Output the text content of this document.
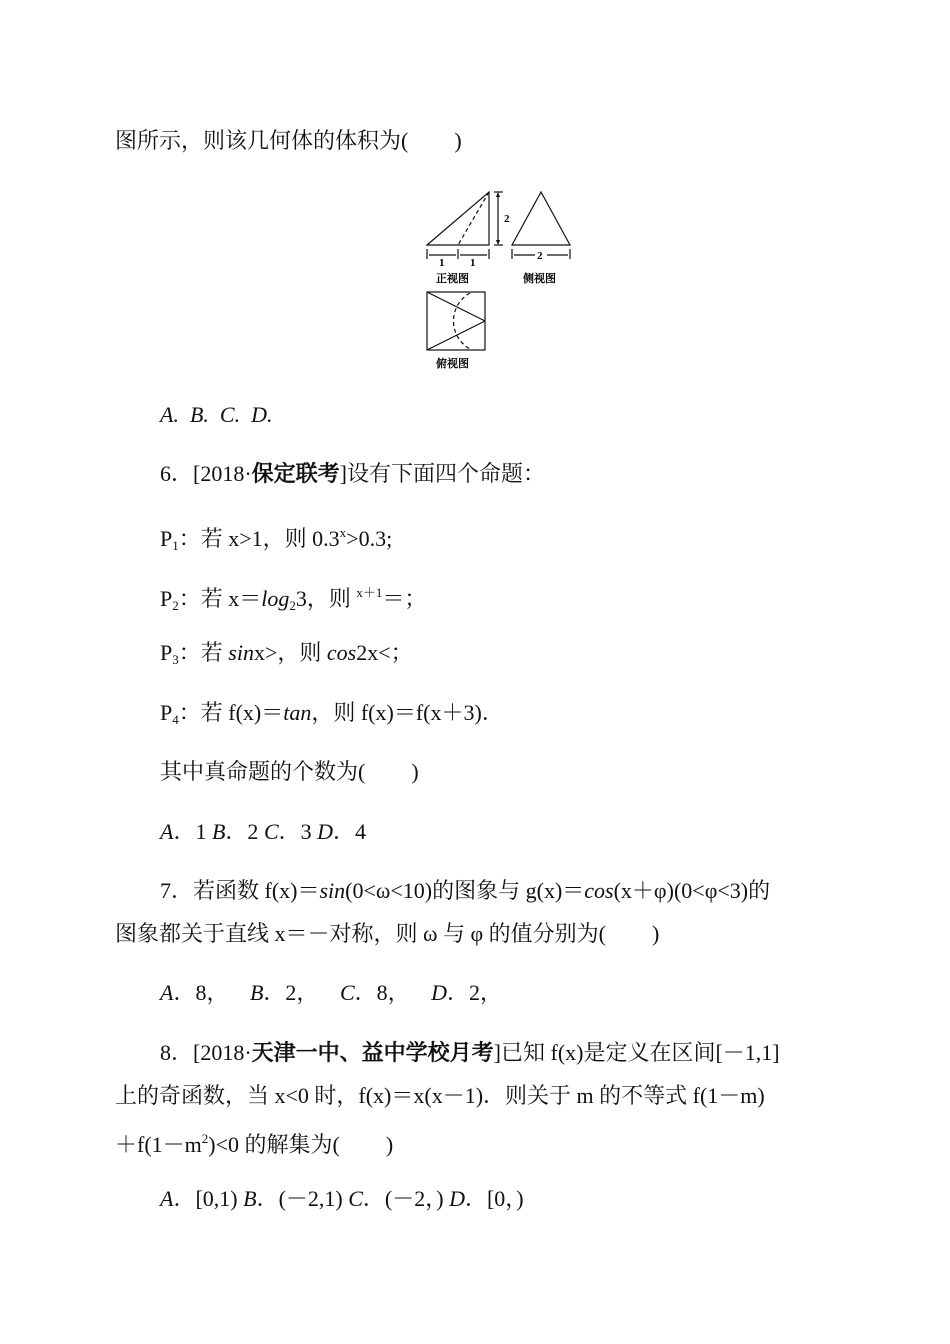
图所示，则该几何体的体积为( )
2
1 1
正视图
2
侧视图
俯视图
A. B. C. D.
6．[2018·保定联考]设有下面四个命题：
$P_1$：若 x>1，则 $0.3^x>0.3$;
$P_2$：若 $x=\log_23$，则 $^{x+1}$＝；
$P_3$：若 sinx>，则 cos2x<；
$P_4$：若 f(x)＝tan，则 f(x)＝f(x＋3)．
其中真命题的个数为( )
A．1 B．2 C．3 D．4
7．若函数 f(x)＝sin(0<ω<10)的图象与 g(x)＝cos(x＋φ)(0<φ<3)的
图象都关于直线 x＝－对称，则 ω 与 φ 的值分别为( )
A．8， B．2， C．8， D．2，
8．[2018·天津一中、益中学校月考]已知 f(x)是定义在区间[－1,1]
上的奇函数，当 x<0 时，f(x)＝x(x－1)．则关于 m 的不等式 f(1－m)
$+f(1-m^2)<0$ 的解集为( )
A．[0,1) B．(－2,1) C．(－2，) D．[0，)
